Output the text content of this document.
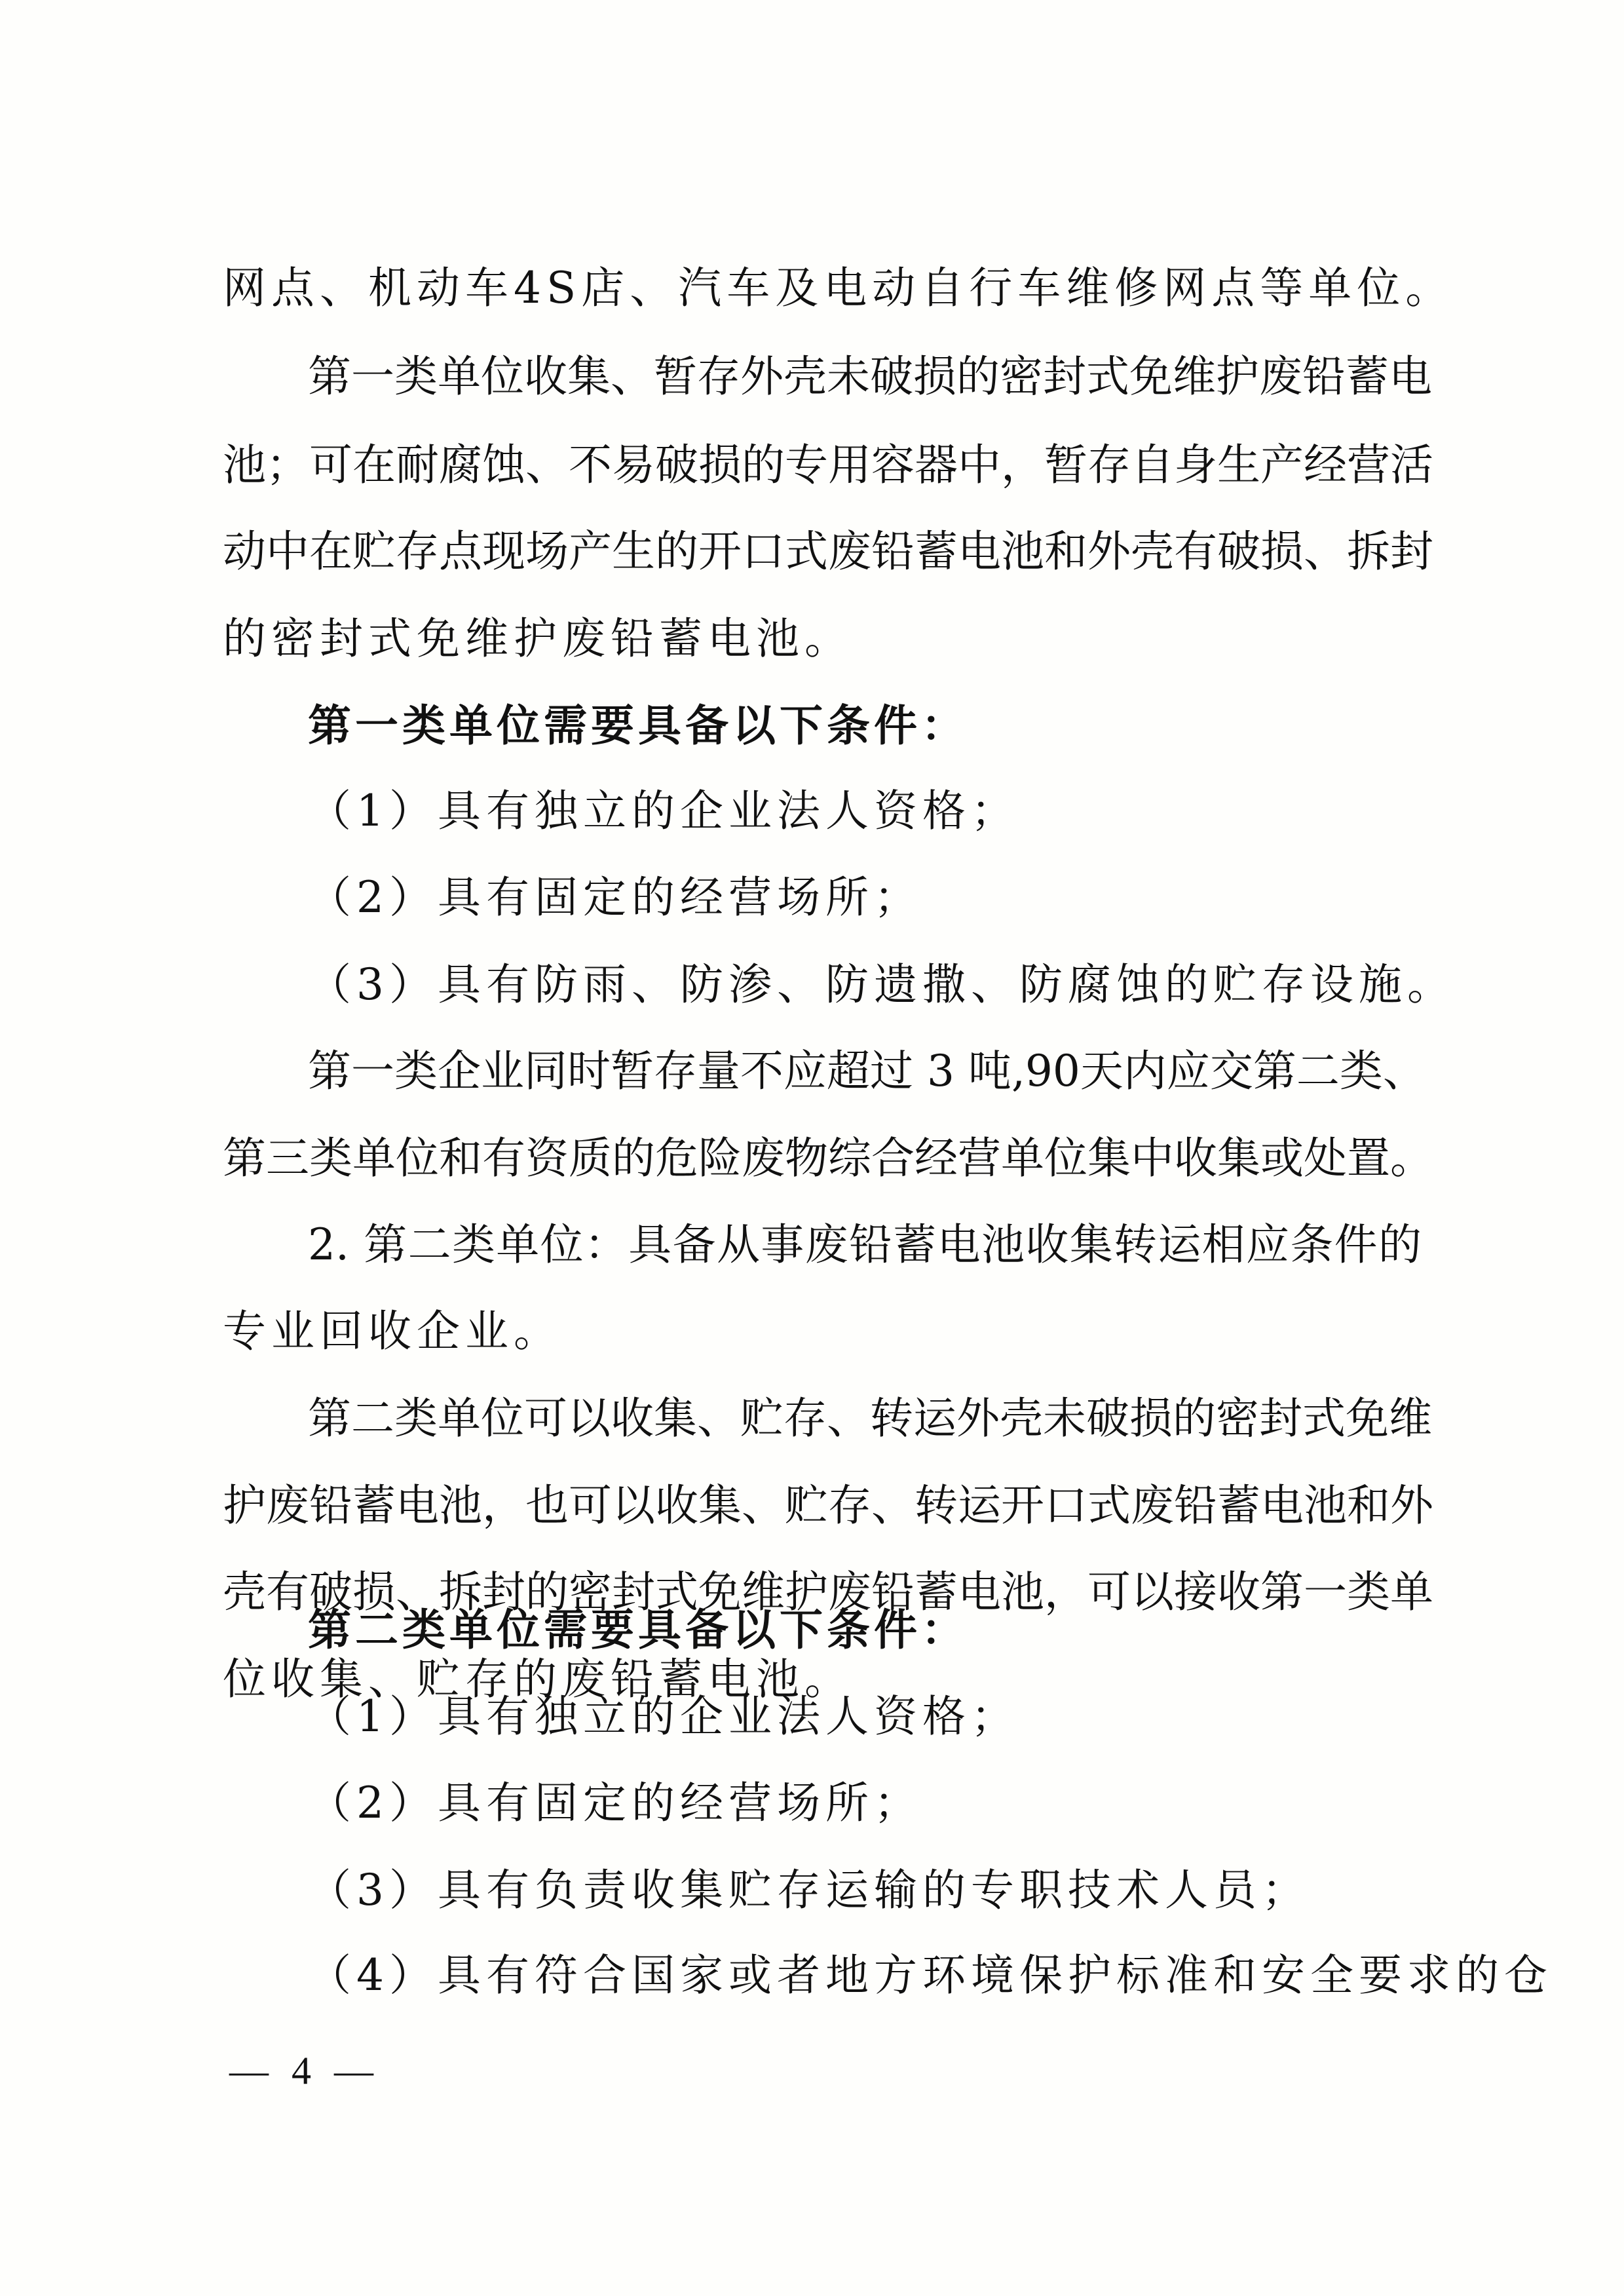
网点、机动车4S店、汽车及电动自行车维修网点等单位。
第一类单位收集、暂存外壳未破损的密封式免维护废铅蓄电
池；可在耐腐蚀、不易破损的专用容器中，暂存自身生产经营活
动中在贮存点现场产生的开口式废铅蓄电池和外壳有破损、拆封
的密封式免维护废铅蓄电池。
第一类单位需要具备以下条件：
（1）具有独立的企业法人资格；
（2）具有固定的经营场所；
（3）具有防雨、防渗、防遗撒、防腐蚀的贮存设施。
第一类企业同时暂存量不应超过 3 吨,90天内应交第二类、
第三类单位和有资质的危险废物综合经营单位集中收集或处置。
2. 第二类单位：具备从事废铅蓄电池收集转运相应条件的
专业回收企业。
第二类单位可以收集、贮存、转运外壳未破损的密封式免维
护废铅蓄电池，也可以收集、贮存、转运开口式废铅蓄电池和外
壳有破损、拆封的密封式免维护废铅蓄电池，可以接收第一类单
位收集、贮存的废铅蓄电池。
第二类单位需要具备以下条件：
（1）具有独立的企业法人资格；
（2）具有固定的经营场所；
（3）具有负责收集贮存运输的专职技术人员；
（4）具有符合国家或者地方环境保护标准和安全要求的仓
— 4 —
